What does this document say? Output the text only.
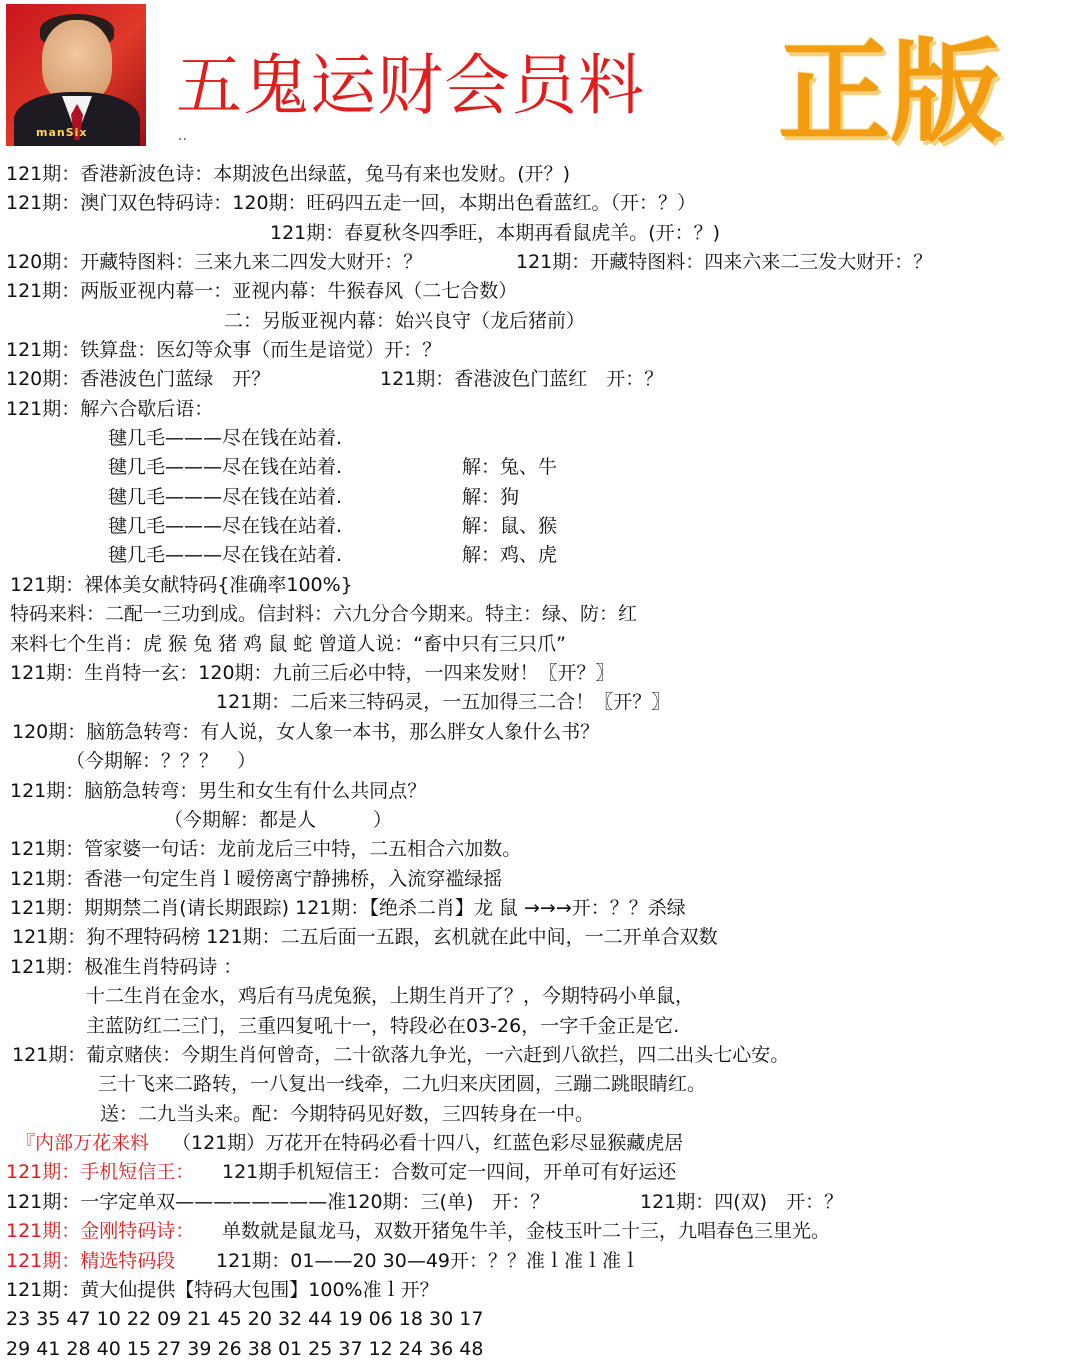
manSix
五鬼运财会员料
..	正版
121期：香港新波色诗：本期波色出绿蓝，兔马有来也发财。(开？)
121期：澳门双色特码诗：120期：旺码四五走一回，本期出色看蓝红。（开：？）
121期：春夏秋冬四季旺，本期再看鼠虎羊。(开：？)
120期：开藏特图料：三来九来二四发大财开：？	121期：开藏特图料：四来六来二三发大财开：？
121期：两版亚视内幕一：亚视内幕：牛猴春风（二七合数）
二：另版亚视内幕：始兴良守（龙后猪前）
121期：铁算盘：医幻等众事（而生是谙觉）开：？
120期：香港波色门蓝绿　开？	121期：香港波色门蓝红　开：？
121期：解六合歇后语：
毽几毛———尽在钱在站着.
毽几毛———尽在钱在站着.	解：兔、牛
毽几毛———尽在钱在站着.	解：狗
毽几毛———尽在钱在站着.	解：鼠、猴
毽几毛———尽在钱在站着.	解：鸡、虎
121期：裸体美女献特码{准确率100%}
特码来料：二配一三功到成。信封料：六九分合今期来。特主：绿、防：红
来料七个生肖：虎 猴 兔 猪 鸡 鼠 蛇 曾道人说：“畜中只有三只爪”
121期：生肖特一玄：120期：九前三后必中特，一四来发财！〖开？〗
121期：二后来三特码灵，一五加得三二合！〖开？〗
120期：脑筋急转弯：有人说，女人象一本书，那么胖女人象什么书？
（今期解：？？？　）
121期：脑筋急转弯：男生和女生有什么共同点？
（今期解：都是人　　　）
121期：管家婆一句话：龙前龙后三中特，二五相合六加数。
121期：香港一句定生肖ｌ暧傍离宁静拂桥，入流穿褴绿摇
121期：期期禁二肖(请长期跟踪) 121期：【绝杀二肖】龙 鼠 →→→开：？？杀绿
121期：狗不理特码榜 121期：二五后面一五跟，玄机就在此中间，一二开单合双数
121期：极准生肖特码诗 ：
十二生肖在金水，鸡后有马虎兔猴，上期生肖开了？，今期特码小单鼠，
主蓝防红二三门，三重四复吼十一，特段必在03-26，一字千金正是它.
121期：葡京赌侠：今期生肖何曾奇，二十欲落九争光，一六赶到八欲拦，四二出头七心安。
三十飞来二路转，一八复出一线牵，二九归来庆团圆，三蹦二跳眼睛红。
送：二九当头来。配：今期特码见好数，三四转身在一中。
『内部万花来料 （121期）万花开在特码必看十四八，红蓝色彩尽显猴藏虎居
121期：手机短信王： 121期手机短信王：合数可定一四间，开单可有好运还
121期：一字定单双————————准120期：三(单)　开：？	121期：四(双)　开：？
121期：金刚特码诗： 单数就是鼠龙马，双数开猪兔牛羊，金枝玉叶二十三，九唱春色三里光。
121期：精选特码段 121期：01——20 30—49开：？？准ｌ准ｌ准ｌ
121期：黄大仙提供【特码大包围】100%准ｌ开？
23 35 47 10 22 09 21 45 20 32 44 19 06 18 30 17
29 41 28 40 15 27 39 26 38 01 25 37 12 24 36 48
